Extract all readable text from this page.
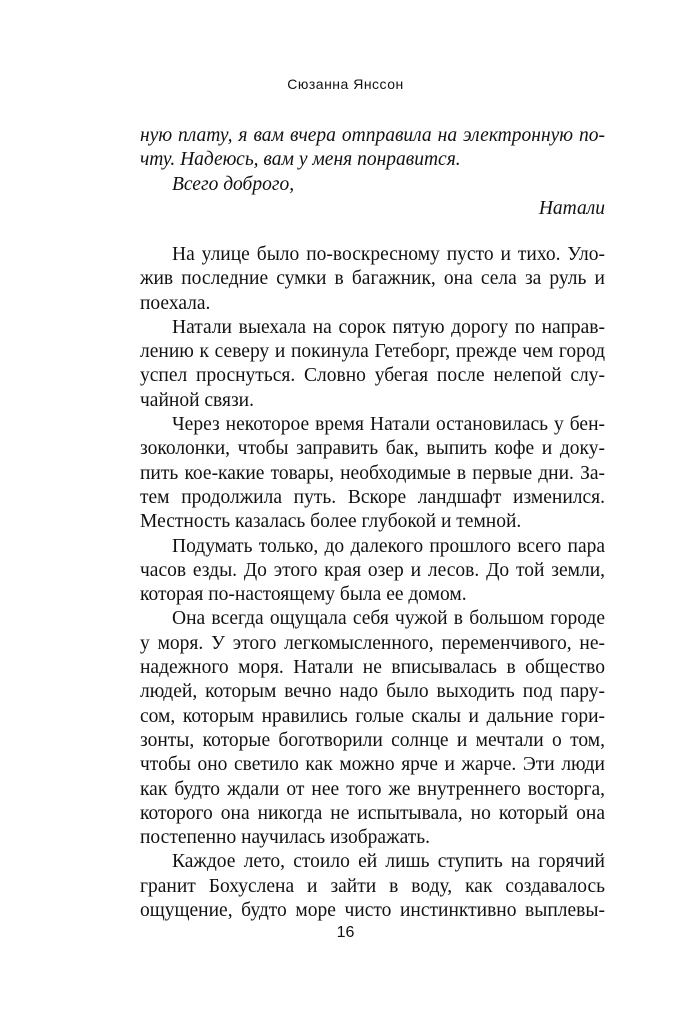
Сюзанна Янссон
ную плату, я вам вчера отправила на электронную по-
чту. Надеюсь, вам у меня понравится.
Всего доброго,
Натали
На улице было по-воскресному пусто и тихо. Уло-
жив последние сумки в багажник, она села за руль и
поехала.
Натали выехала на сорок пятую дорогу по направ-
лению к северу и покинула Гетеборг, прежде чем город
успел проснуться. Словно убегая после нелепой слу-
чайной связи.
Через некоторое время Натали остановилась у бен-
зоколонки, чтобы заправить бак, выпить кофе и доку-
пить кое-какие товары, необходимые в первые дни. За-
тем продолжила путь. Вскоре ландшафт изменился.
Местность казалась более глубокой и темной.
Подумать только, до далекого прошлого всего пара
часов езды. До этого края озер и лесов. До той земли,
которая по-настоящему была ее домом.
Она всегда ощущала себя чужой в большом городе
у моря. У этого легкомысленного, переменчивого, не-
надежного моря. Натали не вписывалась в общество
людей, которым вечно надо было выходить под пару-
сом, которым нравились голые скалы и дальние гори-
зонты, которые боготворили солнце и мечтали о том,
чтобы оно светило как можно ярче и жарче. Эти люди
как будто ждали от нее того же внутреннего восторга,
которого она никогда не испытывала, но который она
постепенно научилась изображать.
Каждое лето, стоило ей лишь ступить на горячий
гранит Бохуслена и зайти в воду, как создавалось
ощущение, будто море чисто инстинктивно выплевы-
16
